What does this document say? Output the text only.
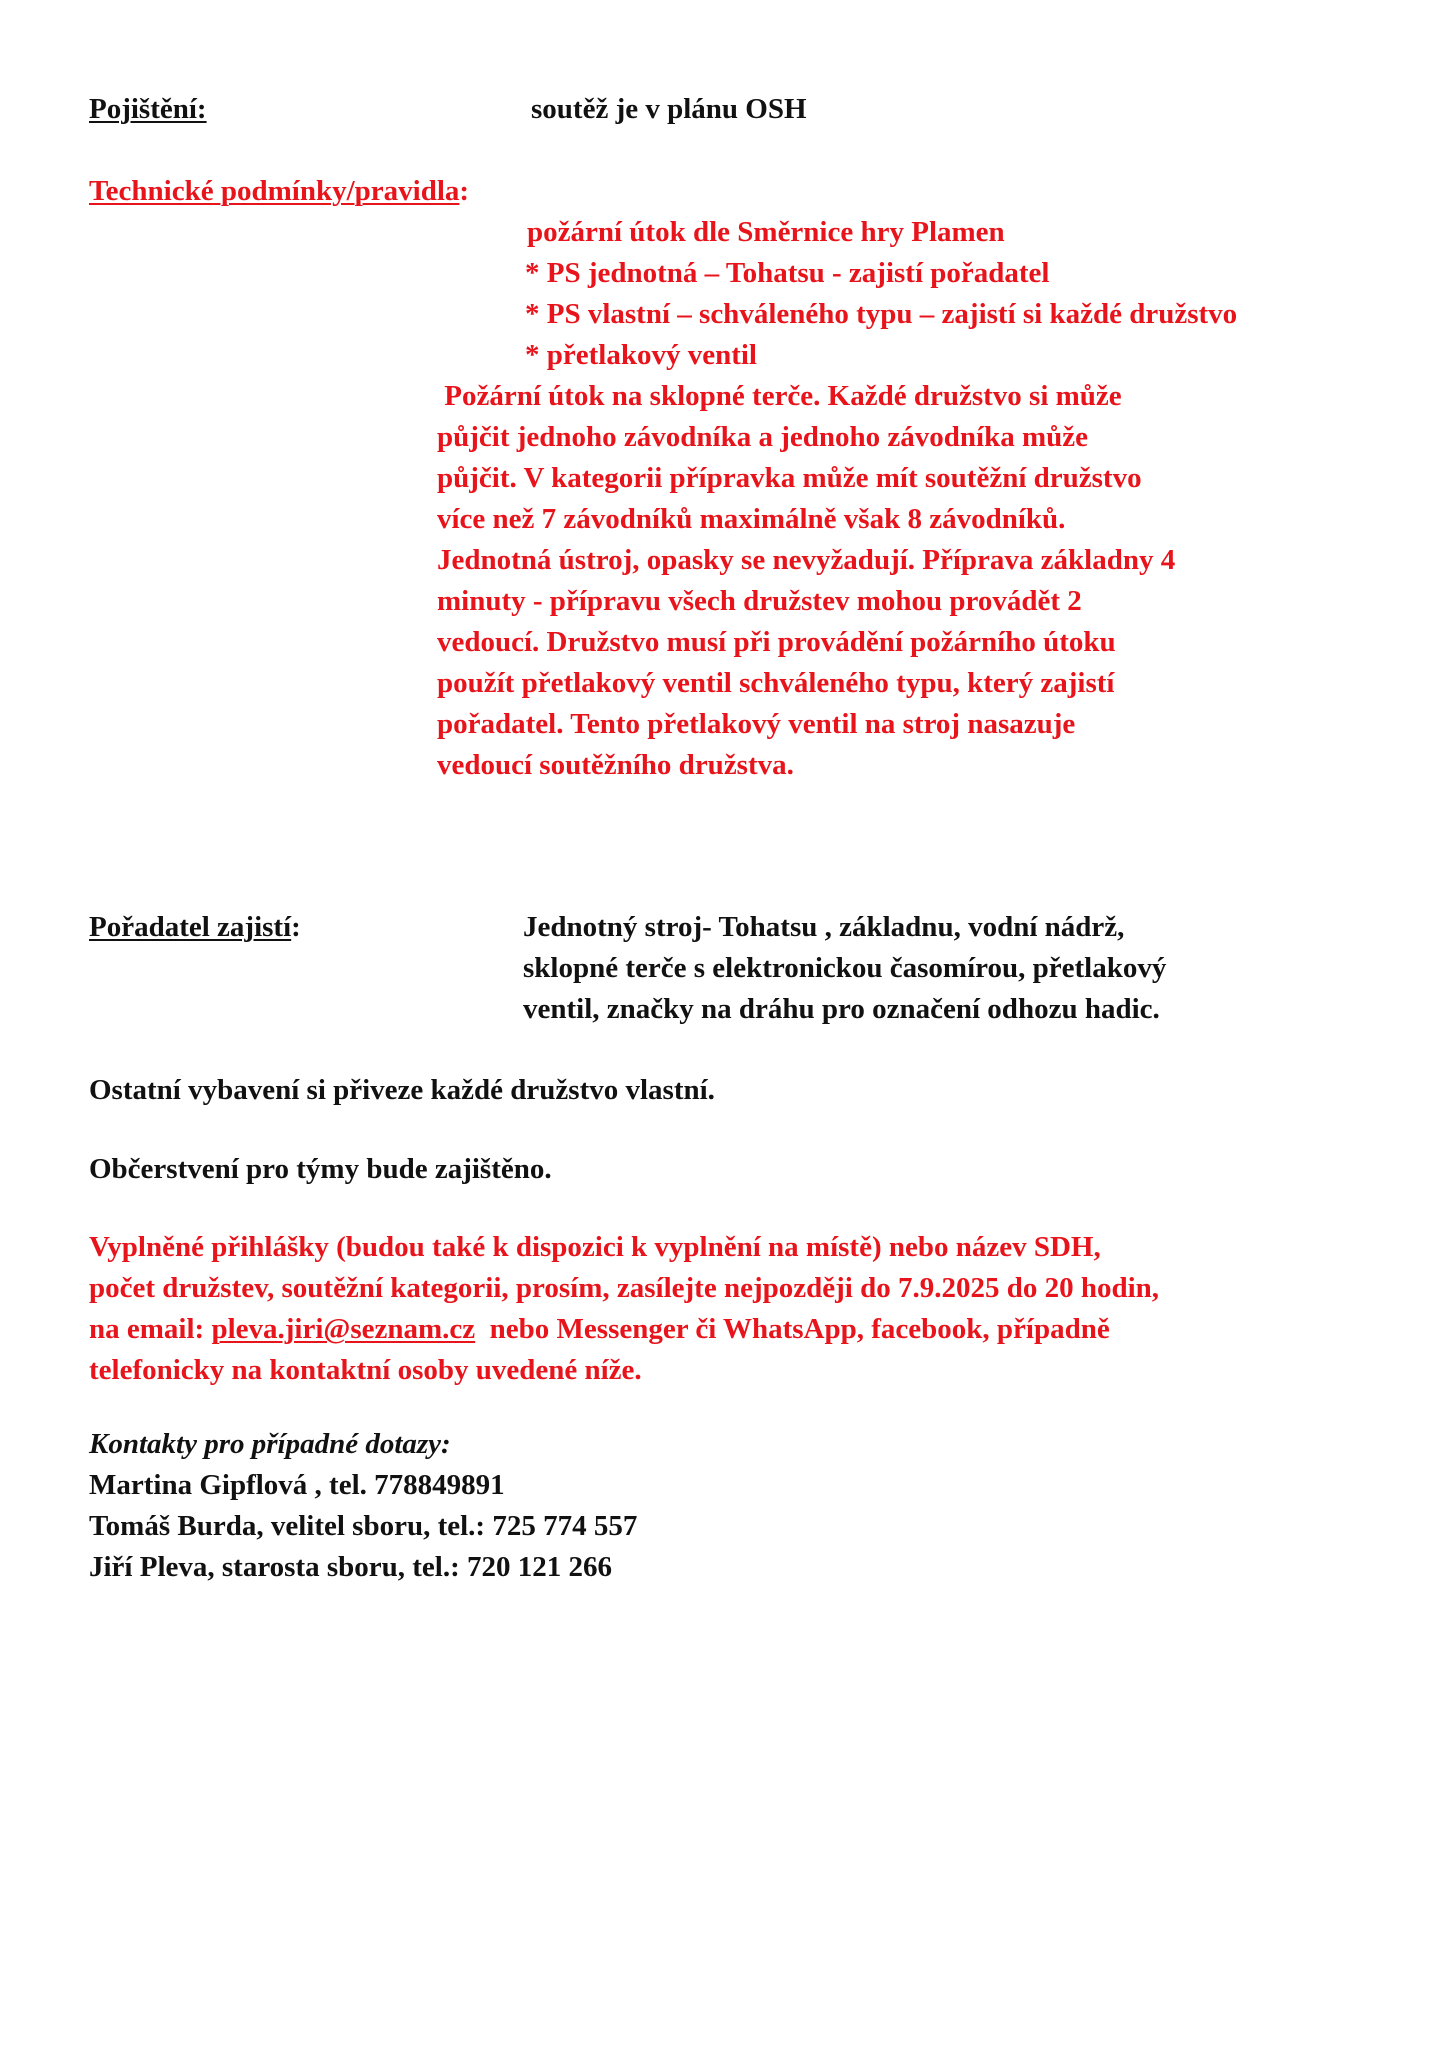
Pojištění:	soutěž je v plánu OSH
Technické podmínky/pravidla:
požární útok dle Směrnice hry Plamen
* PS jednotná – Tohatsu - zajistí pořadatel
* PS vlastní – schváleného typu – zajistí si každé družstvo
* přetlakový ventil
Požární útok na sklopné terče. Každé družstvo si může
půjčit jednoho závodníka a jednoho závodníka může
půjčit. V kategorii přípravka může mít soutěžní družstvo
více než 7 závodníků maximálně však 8 závodníků.
Jednotná ústroj, opasky se nevyžadují. Příprava základny 4
minuty - přípravu všech družstev mohou provádět 2
vedoucí. Družstvo musí při provádění požárního útoku
použít přetlakový ventil schváleného typu, který zajistí
pořadatel. Tento přetlakový ventil na stroj nasazuje
vedoucí soutěžního družstva.
Pořadatel zajistí:	Jednotný stroj- Tohatsu , základnu, vodní nádrž,
sklopné terče s elektronickou časomírou, přetlakový
ventil, značky na dráhu pro označení odhozu hadic.
Ostatní vybavení si přiveze každé družstvo vlastní.
Občerstvení pro týmy bude zajištěno.
Vyplněné přihlášky (budou také k dispozici k vyplnění na místě) nebo název SDH,
počet družstev, soutěžní kategorii, prosím, zasílejte nejpozději do 7.9.2025 do 20 hodin,
na email: pleva.jiri@seznam.cz  nebo Messenger či WhatsApp, facebook, případně
telefonicky na kontaktní osoby uvedené níže.
Kontakty pro případné dotazy:
Martina Gipflová , tel. 778849891
Tomáš Burda, velitel sboru, tel.: 725 774 557
Jiří Pleva, starosta sboru, tel.: 720 121 266
